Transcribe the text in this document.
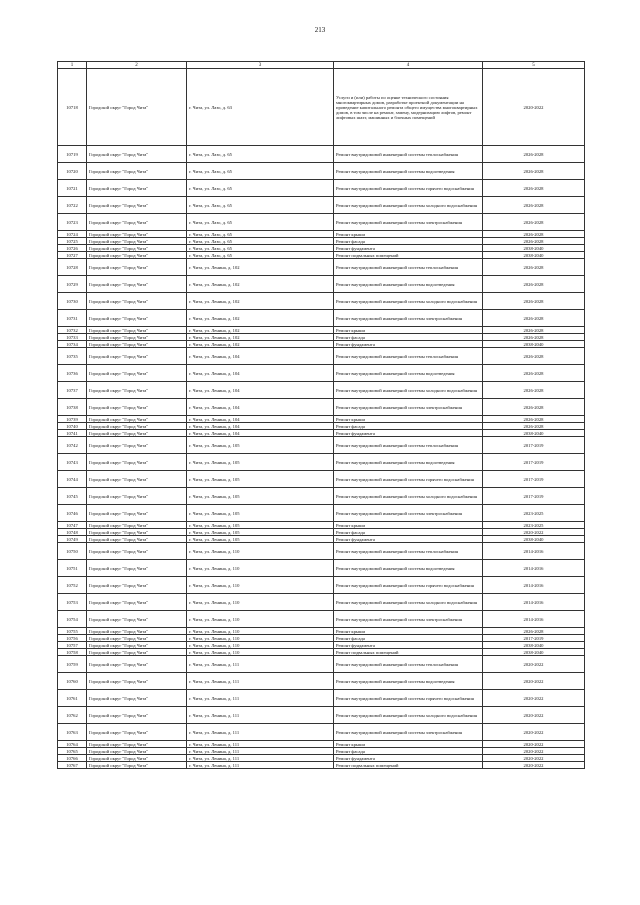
213
1	2	3	4	5
10718	Городской округ "Город Чита"	г. Чита, ул. Лазо, д. 63	Услуги и (или) работы по оценке технического состояния многоквартирных домов, разработке проектной документации на проведение капитального ремонта общего имущества многоквартирных домов, в том числе на ремонт, замену, модернизацию лифтов, ремонт лифтовых шахт, машинных и блочных помещений	2020-2022
10719	Городской округ "Город Чита"	г. Чита, ул. Лазо, д. 65	Ремонт внутридомовой инженерной системы теплоснабжения	2026-2028
10720	Городской округ "Город Чита"	г. Чита, ул. Лазо, д. 65	Ремонт внутридомовой инженерной системы водоотведения	2026-2028
10721	Городской округ "Город Чита"	г. Чита, ул. Лазо, д. 65	Ремонт внутридомовой инженерной системы горячего водоснабжения	2026-2028
10722	Городской округ "Город Чита"	г. Чита, ул. Лазо, д. 65	Ремонт внутридомовой инженерной системы холодного водоснабжения	2026-2028
10723	Городской округ "Город Чита"	г. Чита, ул. Лазо, д. 65	Ремонт внутридомовой инженерной системы электроснабжения	2026-2028
10724	Городской округ "Город Чита"	г. Чита, ул. Лазо, д. 65	Ремонт крыши	2026-2028
10725	Городской округ "Город Чита"	г. Чита, ул. Лазо, д. 65	Ремонт фасада	2026-2028
10726	Городской округ "Город Чита"	г. Чита, ул. Лазо, д. 65	Ремонт фундамента	2038-2040
10727	Городской округ "Город Чита"	г. Чита, ул. Лазо, д. 65	Ремонт подвальных помещений	2038-2040
10728	Городской округ "Город Чита"	г. Чита, ул. Ленина, д. 102	Ремонт внутридомовой инженерной системы теплоснабжения	2026-2028
10729	Городской округ "Город Чита"	г. Чита, ул. Ленина, д. 102	Ремонт внутридомовой инженерной системы водоотведения	2026-2028
10730	Городской округ "Город Чита"	г. Чита, ул. Ленина, д. 102	Ремонт внутридомовой инженерной системы холодного водоснабжения	2026-2028
10731	Городской округ "Город Чита"	г. Чита, ул. Ленина, д. 102	Ремонт внутридомовой инженерной системы электроснабжения	2026-2028
10732	Городской округ "Город Чита"	г. Чита, ул. Ленина, д. 102	Ремонт крыши	2026-2028
10733	Городской округ "Город Чита"	г. Чита, ул. Ленина, д. 102	Ремонт фасада	2026-2028
10734	Городской округ "Город Чита"	г. Чита, ул. Ленина, д. 102	Ремонт фундамента	2038-2040
10735	Городской округ "Город Чита"	г. Чита, ул. Ленина, д. 104	Ремонт внутридомовой инженерной системы теплоснабжения	2026-2028
10736	Городской округ "Город Чита"	г. Чита, ул. Ленина, д. 104	Ремонт внутридомовой инженерной системы водоотведения	2026-2028
10737	Городской округ "Город Чита"	г. Чита, ул. Ленина, д. 104	Ремонт внутридомовой инженерной системы холодного водоснабжения	2026-2028
10738	Городской округ "Город Чита"	г. Чита, ул. Ленина, д. 104	Ремонт внутридомовой инженерной системы электроснабжения	2026-2028
10739	Городской округ "Город Чита"	г. Чита, ул. Ленина, д. 104	Ремонт крыши	2026-2028
10740	Городской округ "Город Чита"	г. Чита, ул. Ленина, д. 104	Ремонт фасада	2026-2028
10741	Городской округ "Город Чита"	г. Чита, ул. Ленина, д. 104	Ремонт фундамента	2038-2040
10742	Городской округ "Город Чита"	г. Чита, ул. Ленина, д. 105	Ремонт внутридомовой инженерной системы теплоснабжения	2017-2019
10743	Городской округ "Город Чита"	г. Чита, ул. Ленина, д. 105	Ремонт внутридомовой инженерной системы водоотведения	2017-2019
10744	Городской округ "Город Чита"	г. Чита, ул. Ленина, д. 105	Ремонт внутридомовой инженерной системы горячего водоснабжения	2017-2019
10745	Городской округ "Город Чита"	г. Чита, ул. Ленина, д. 105	Ремонт внутридомовой инженерной системы холодного водоснабжения	2017-2019
10746	Городской округ "Город Чита"	г. Чита, ул. Ленина, д. 105	Ремонт внутридомовой инженерной системы электроснабжения	2023-2025
10747	Городской округ "Город Чита"	г. Чита, ул. Ленина, д. 105	Ремонт крыши	2023-2025
10748	Городской округ "Город Чита"	г. Чита, ул. Ленина, д. 105	Ремонт фасада	2020-2022
10749	Городской округ "Город Чита"	г. Чита, ул. Ленина, д. 105	Ремонт фундамента	2038-2040
10750	Городской округ "Город Чита"	г. Чита, ул. Ленина, д. 110	Ремонт внутридомовой инженерной системы теплоснабжения	2014-2016
10751	Городской округ "Город Чита"	г. Чита, ул. Ленина, д. 110	Ремонт внутридомовой инженерной системы водоотведения	2014-2016
10752	Городской округ "Город Чита"	г. Чита, ул. Ленина, д. 110	Ремонт внутридомовой инженерной системы горячего водоснабжения	2014-2016
10753	Городской округ "Город Чита"	г. Чита, ул. Ленина, д. 110	Ремонт внутридомовой инженерной системы холодного водоснабжения	2014-2016
10754	Городской округ "Город Чита"	г. Чита, ул. Ленина, д. 110	Ремонт внутридомовой инженерной системы электроснабжения	2014-2016
10755	Городской округ "Город Чита"	г. Чита, ул. Ленина, д. 110	Ремонт крыши	2026-2028
10756	Городской округ "Город Чита"	г. Чита, ул. Ленина, д. 110	Ремонт фасада	2017-2019
10757	Городской округ "Город Чита"	г. Чита, ул. Ленина, д. 110	Ремонт фундамента	2038-2040
10758	Городской округ "Город Чита"	г. Чита, ул. Ленина, д. 110	Ремонт подвальных помещений	2038-2040
10759	Городской округ "Город Чита"	г. Чита, ул. Ленина, д. 111	Ремонт внутридомовой инженерной системы теплоснабжения	2020-2022
10760	Городской округ "Город Чита"	г. Чита, ул. Ленина, д. 111	Ремонт внутридомовой инженерной системы водоотведения	2020-2022
10761	Городской округ "Город Чита"	г. Чита, ул. Ленина, д. 111	Ремонт внутридомовой инженерной системы горячего водоснабжения	2020-2022
10762	Городской округ "Город Чита"	г. Чита, ул. Ленина, д. 111	Ремонт внутридомовой инженерной системы холодного водоснабжения	2020-2022
10763	Городской округ "Город Чита"	г. Чита, ул. Ленина, д. 111	Ремонт внутридомовой инженерной системы электроснабжения	2020-2022
10764	Городской округ "Город Чита"	г. Чита, ул. Ленина, д. 111	Ремонт крыши	2020-2022
10765	Городской округ "Город Чита"	г. Чита, ул. Ленина, д. 111	Ремонт фасада	2020-2022
10766	Городской округ "Город Чита"	г. Чита, ул. Ленина, д. 111	Ремонт фундамента	2020-2022
10767	Городской округ "Город Чита"	г. Чита, ул. Ленина, д. 111	Ремонт подвальных помещений	2020-2022
